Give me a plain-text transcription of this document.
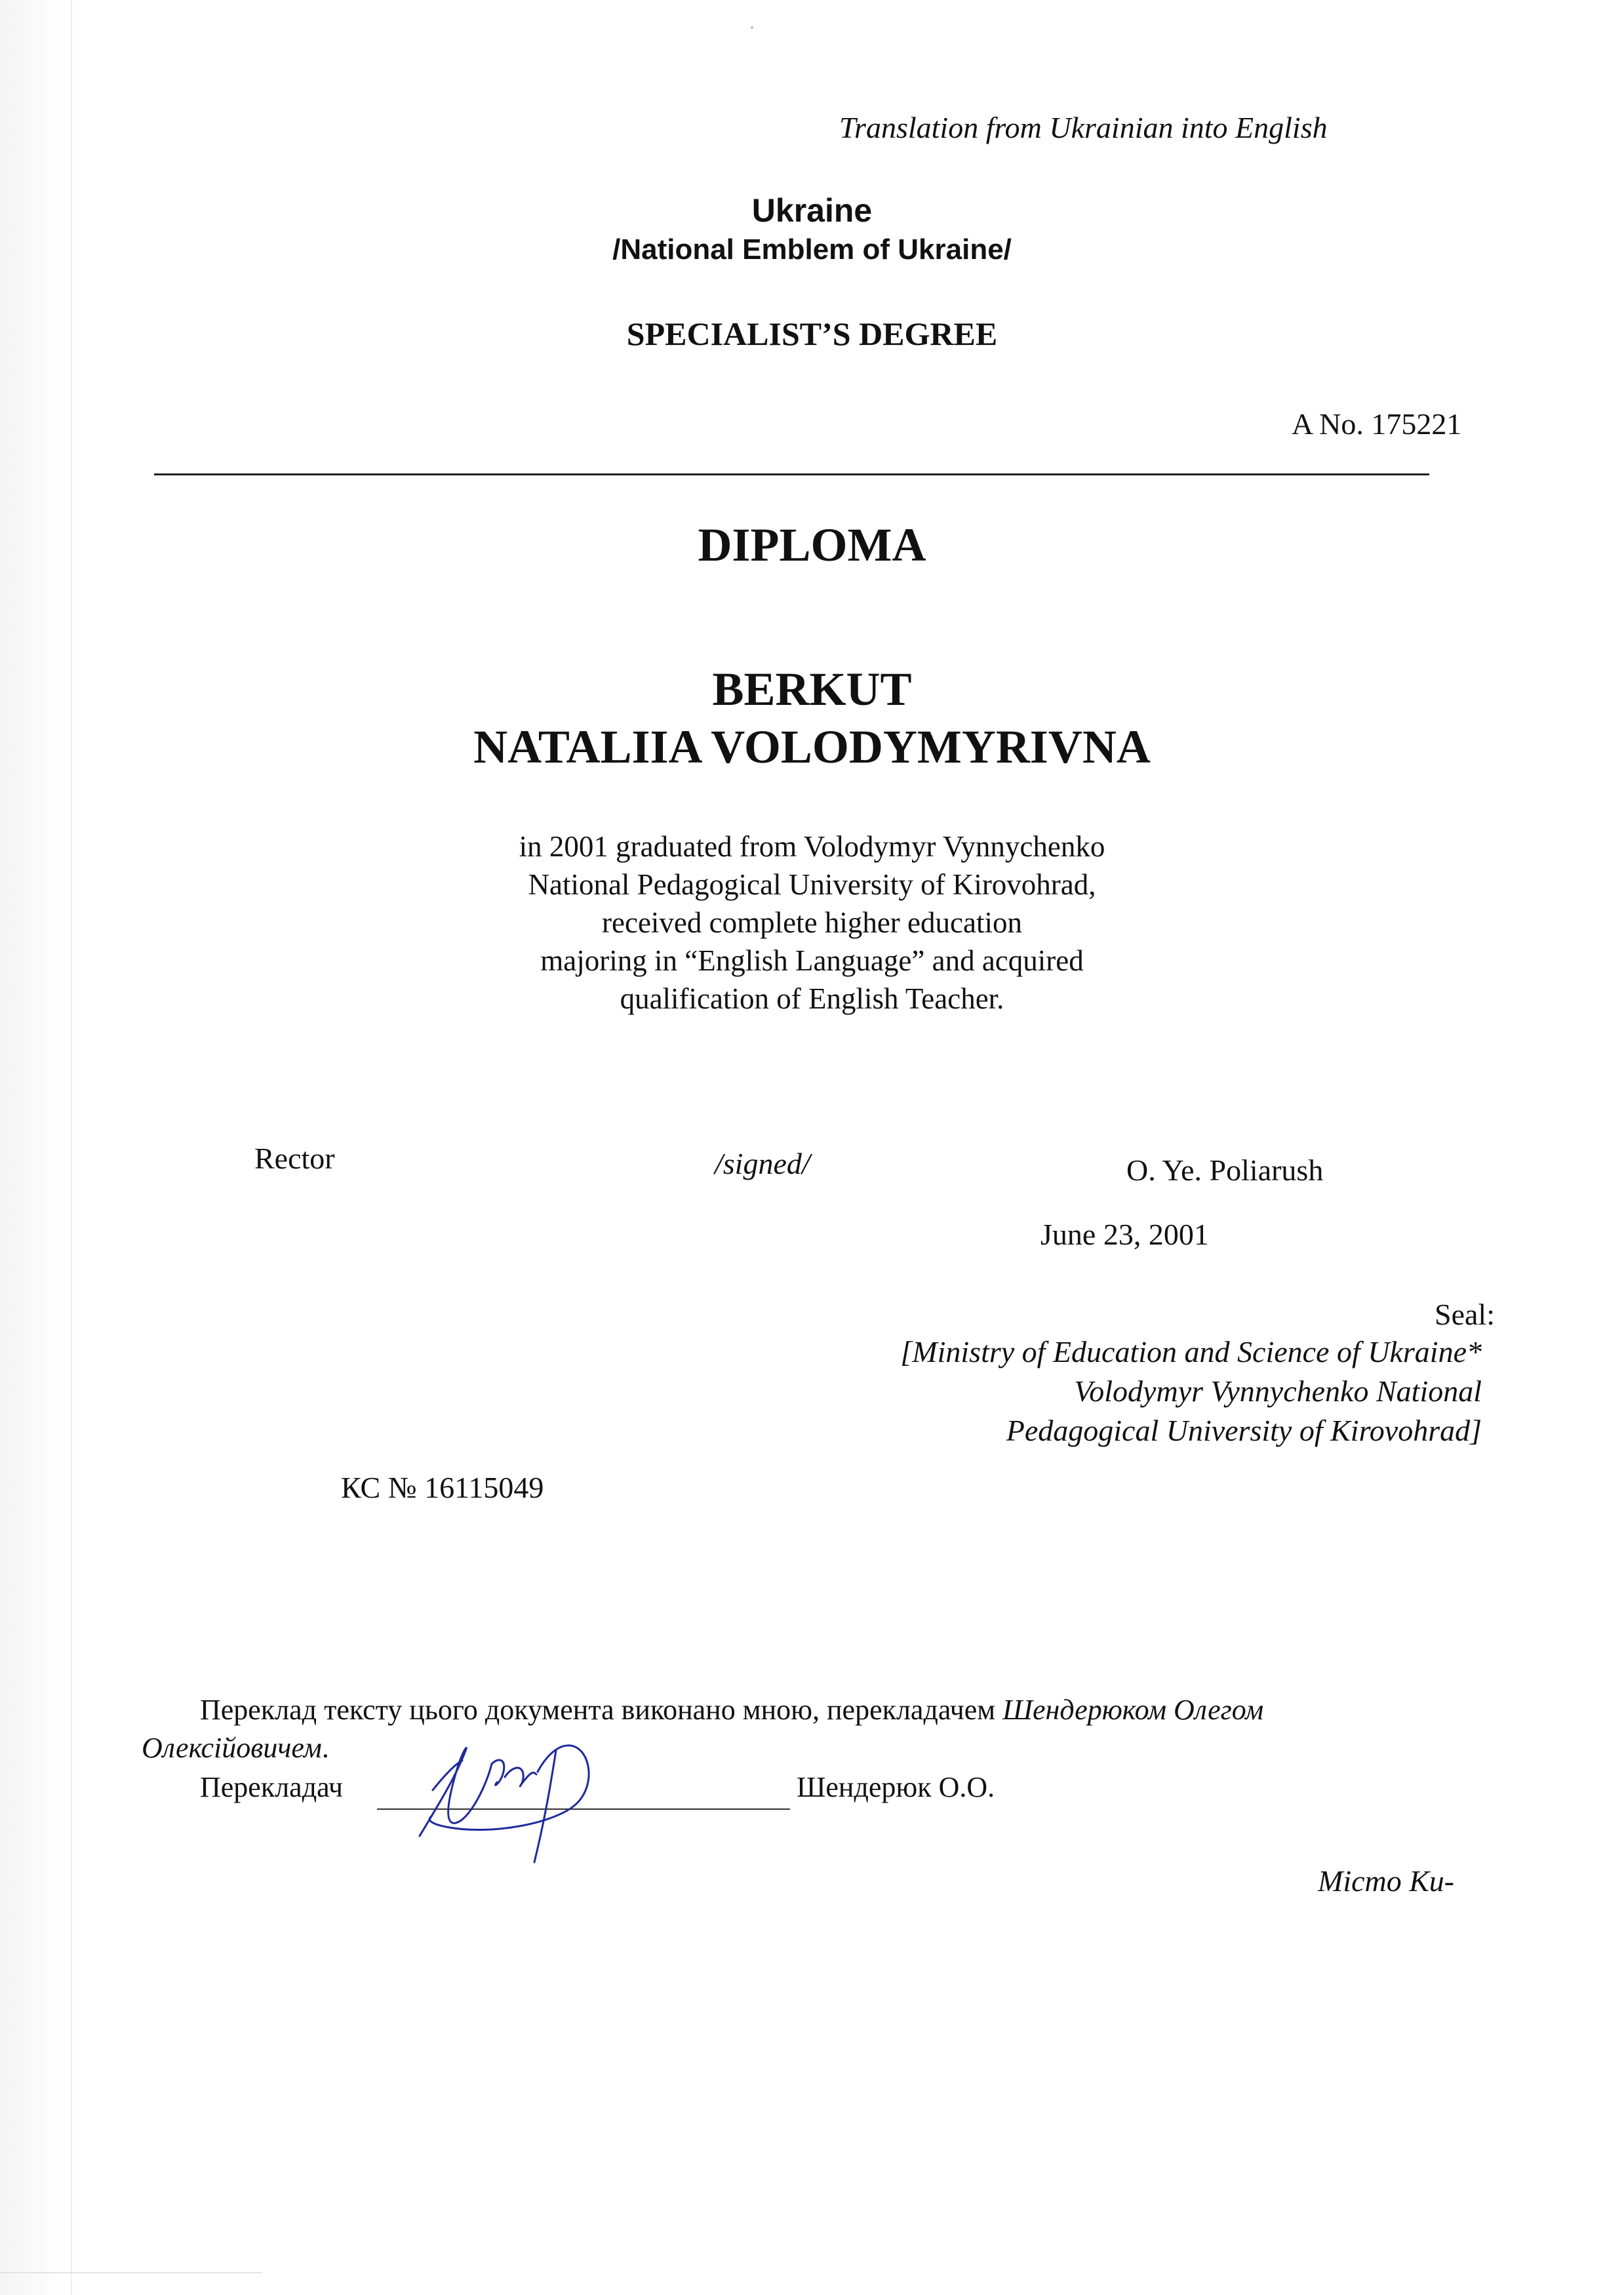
Translation from Ukrainian into English
Ukraine
/National Emblem of Ukraine/
SPECIALIST’S DEGREE
A No. 175221
DIPLOMA
BERKUT
NATALIIA VOLODYMYRIVNA
in 2001 graduated from Volodymyr Vynnychenko
National Pedagogical University of Kirovohrad,
received complete higher education
majoring in “English Language” and acquired
qualification of English Teacher.
Rector	/signed/	O. Ye. Poliarush
June 23, 2001
Seal:
[Ministry of Education and Science of Ukraine*
Volodymyr Vynnychenko National
Pedagogical University of Kirovohrad]
КС № 16115049
Переклад тексту цього документа виконано мною, перекладачем Шендерюком Олегом
Олексійовичем.
Перекладач	Шендерюк О.О.
Місто Ки-
